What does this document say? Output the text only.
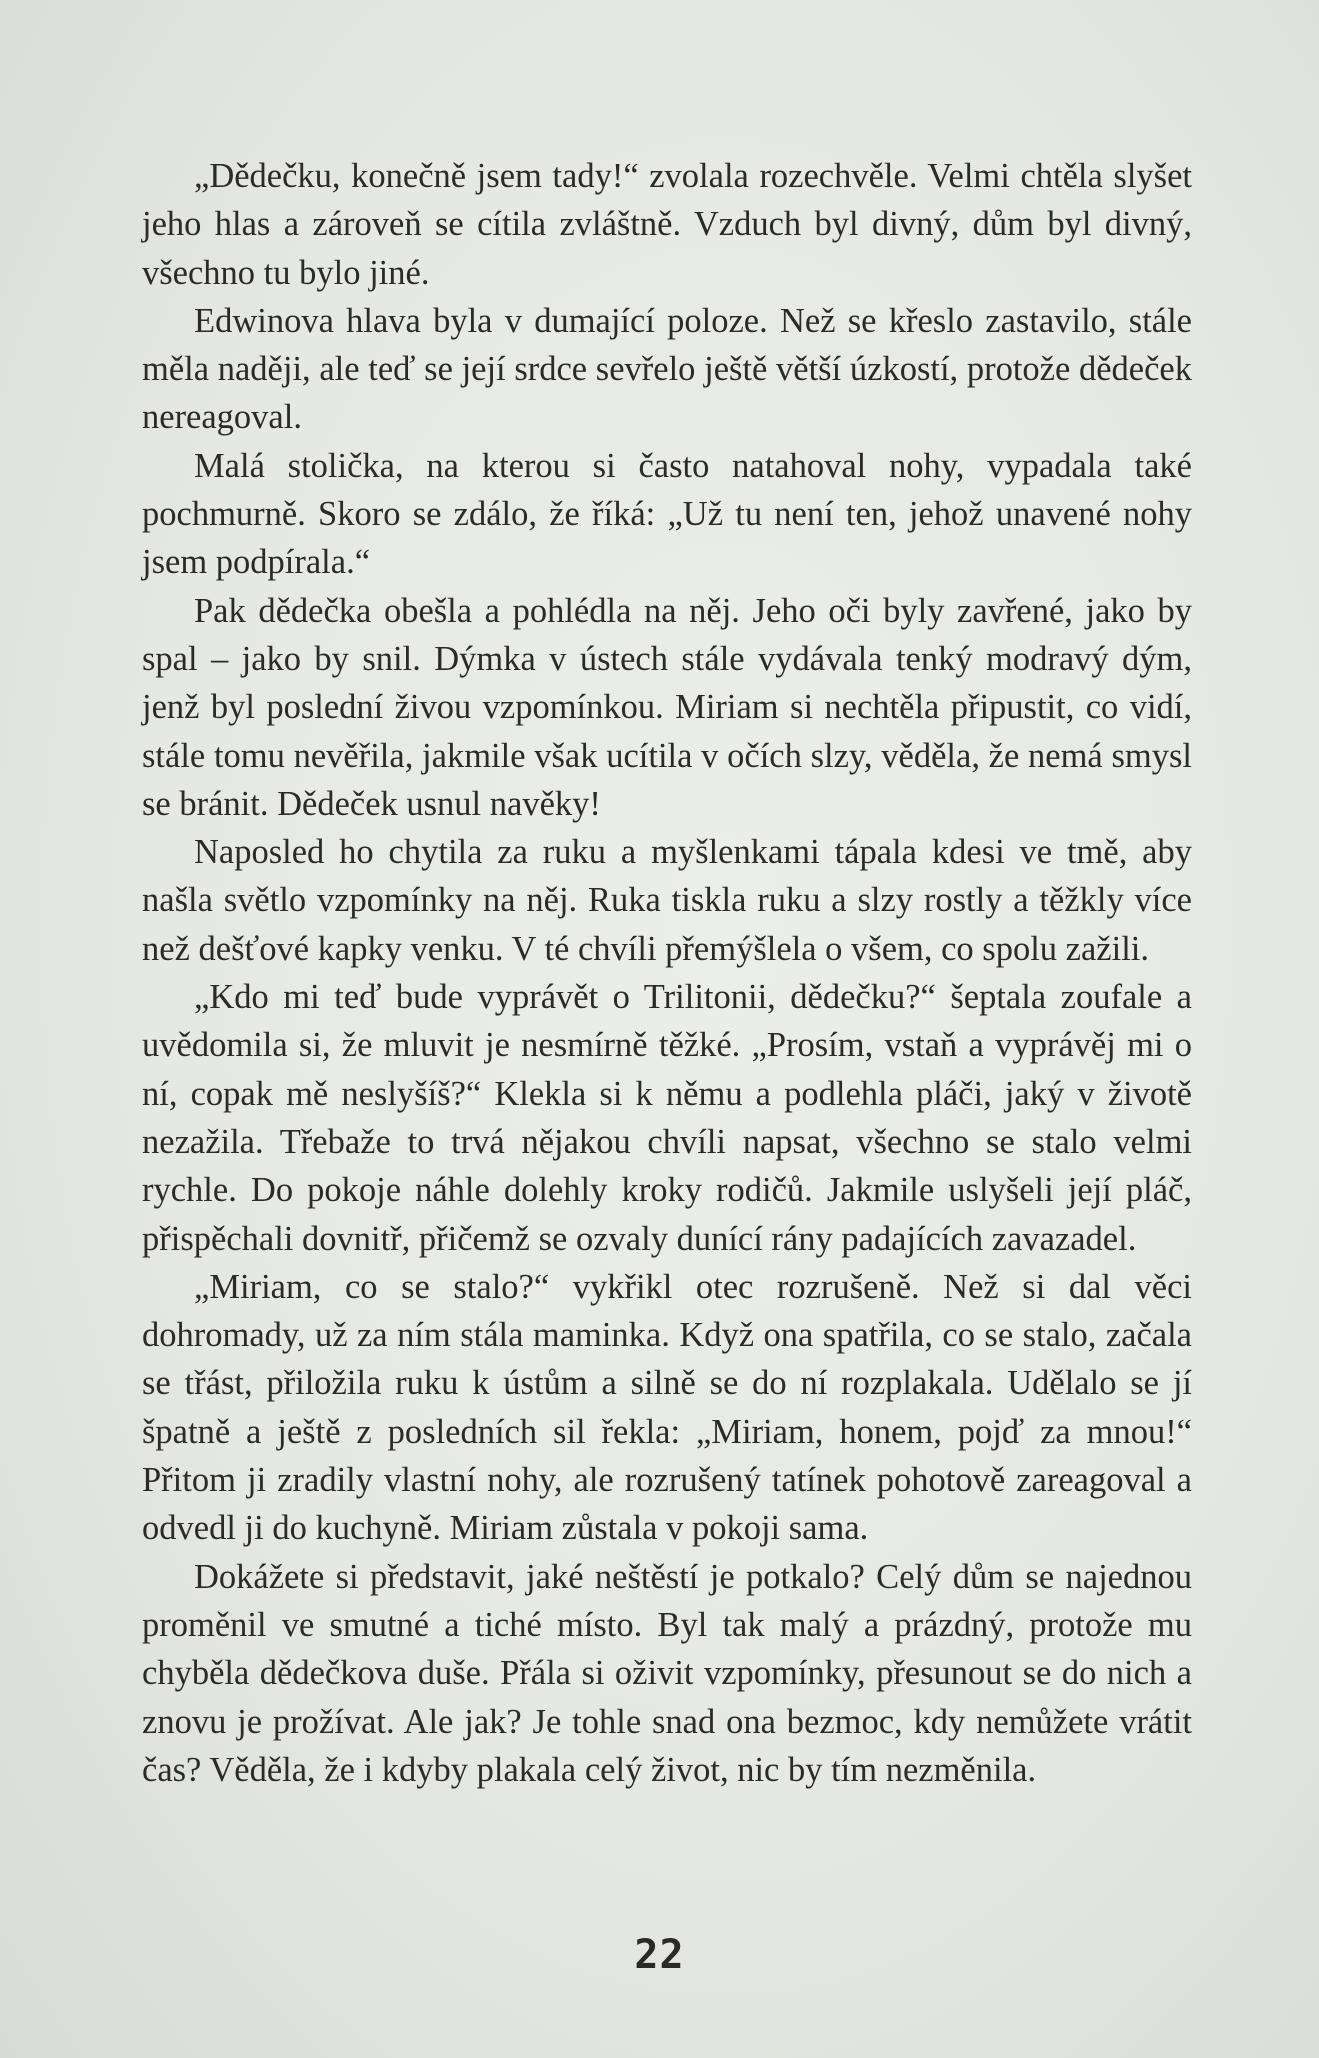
„Dědečku, konečně jsem tady!“ zvolala rozechvěle. Velmi chtěla slyšet jeho hlas a zároveň se cítila zvláštně. Vzduch byl divný, dům byl divný, všechno tu bylo jiné.

Edwinova hlava byla v dumající poloze. Než se křeslo zastavilo, stále měla naději, ale teď se její srdce sevřelo ještě větší úzkostí, protože dědeček nereagoval.

Malá stolička, na kterou si často natahoval nohy, vypadala také pochmurně. Skoro se zdálo, že říká: „Už tu není ten, jehož unavené nohy jsem podpírala.“

Pak dědečka obešla a pohlédla na něj. Jeho oči byly zavřené, jako by spal – jako by snil. Dýmka v ústech stále vydávala tenký modravý dým, jenž byl poslední živou vzpomínkou. Miriam si nechtěla připustit, co vidí, stále tomu nevěřila, jakmile však ucítila v očích slzy, věděla, že nemá smysl se bránit. Dědeček usnul navěky!

Naposled ho chytila za ruku a myšlenkami tápala kdesi ve tmě, aby našla světlo vzpomínky na něj. Ruka tiskla ruku a slzy rostly a těžkly více než dešťové kapky venku. V té chvíli přemýšlela o všem, co spolu zažili.

„Kdo mi teď bude vyprávět o Trilitonii, dědečku?“ šeptala zoufale a uvědomila si, že mluvit je nesmírně těžké. „Prosím, vstaň a vyprávěj mi o ní, copak mě neslyšíš?“ Klekla si k němu a podlehla pláči, jaký v životě nezažila. Třebaže to trvá nějakou chvíli napsat, všechno se stalo velmi rychle. Do pokoje náhle dolehly kroky rodičů. Jakmile uslyšeli její pláč, přispěchali dovnitř, přičemž se ozvaly dunící rány padajících zavazadel.

„Miriam, co se stalo?“ vykřikl otec rozrušeně. Než si dal věci dohromady, už za ním stála maminka. Když ona spatřila, co se stalo, začala se třást, přiložila ruku k ústům a silně se do ní rozplakala. Udělalo se jí špatně a ještě z posledních sil řekla: „Miriam, honem, pojď za mnou!“ Přitom ji zradily vlastní nohy, ale rozrušený tatínek pohotově zareagoval a odvedl ji do kuchyně. Miriam zůstala v pokoji sama.

Dokážete si představit, jaké neštěstí je potkalo? Celý dům se najednou proměnil ve smutné a tiché místo. Byl tak malý a prázdný, protože mu chyběla dědečkova duše. Přála si oživit vzpomínky, přesunout se do nich a znovu je prožívat. Ale jak? Je tohle snad ona bezmoc, kdy nemůžete vrátit čas? Věděla, že i kdyby plakala celý život, nic by tím nezměnila.

22
